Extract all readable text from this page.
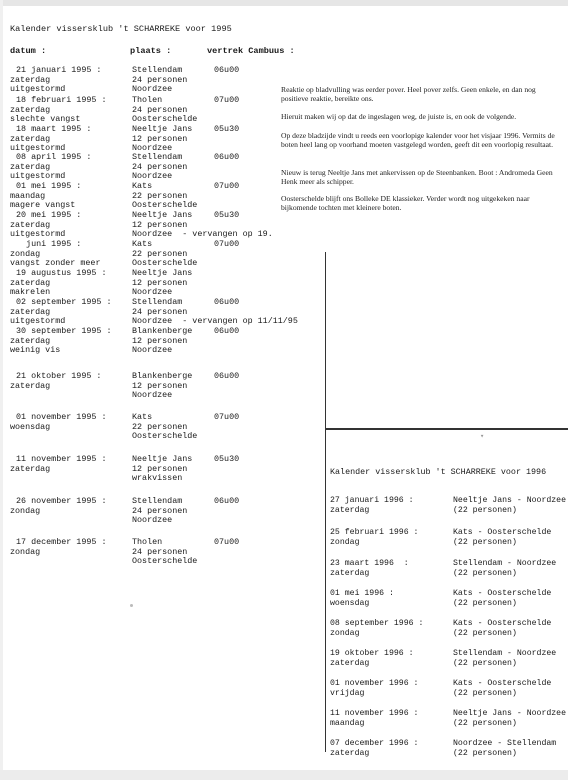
Kalender vissersklub 't SCHARREKE voor 1995
datum :	plaats :	vertrek Cambuus :
21 januari 1995 :
zaterdag
uitgestormd
Stellendam
24 personen
Noordzee
06u00
18 februari 1995 :
zaterdag
slechte vangst
Tholen
24 personen
Oosterschelde
07u00
18 maart 1995 :
zaterdag
uitgestormd
Neeltje Jans
12 personen
Noordzee
05u30
08 april 1995 :
zaterdag
uitgestormd
Stellendam
24 personen
Noordzee
06u00
01 mei 1995 :
maandag
magere vangst
Kats
22 personen
Oosterschelde
07u00
20 mei 1995 :
zaterdag
uitgestormd
Neeltje Jans
12 personen
Noordzee  - vervangen op 19.
05u30
juni 1995 :
zondag
vangst zonder meer
Kats
22 personen
Oosterschelde
07u00
19 augustus 1995 :
zaterdag
makrelen
Neeltje Jans
12 personen
Noordzee
02 september 1995 :
zaterdag
uitgestormd
Stellendam
24 personen
Noordzee  - vervangen op 11/11/95
06u00
30 september 1995 :
zaterdag
weinig vis
Blankenberge
12 personen
Noordzee
06u00
21 oktober 1995 :
zaterdag
Blankenberge
12 personen
Noordzee
06u00
01 november 1995 :
woensdag
Kats
22 personen
Oosterschelde
07u00
11 november 1995 :
zaterdag
Neeltje Jans
12 personen
wrakvissen
05u30
26 november 1995 :
zondag
Stellendam
24 personen
Noordzee
06u00
17 december 1995 :
zondag
Tholen
24 personen
Oosterschelde
07u00
Reaktie op bladvulling was eerder pover. Heel pover zelfs. Geen enkele, en dan nog positieve reaktie, bereikte ons.
Hieruit maken wij op dat de ingeslagen weg, de juiste is, en ook de volgende.
Op deze bladzijde vindt u reeds een voorlopige kalender voor het visjaar 1996. Vermits de boten heel lang op voorhand moeten vastgelegd worden, geeft dit een voorlopig resultaat.
Nieuw is terug Neeltje Jans met ankervissen op de Steenbanken. Boot : Andromeda Geen Henk meer als schipper.
Oosterschelde blijft ons Bolleke DE klassieker. Verder wordt nog uitgekeken naar bijkomende tochten met kleinere boten.
▾
Kalender vissersklub 't SCHARREKE voor 1996
27 januari 1996 :
zaterdag
Neeltje Jans - Noordzee
(22 personen)
25 februari 1996 :
zondag
Kats - Oosterschelde
(22 personen)
23 maart 1996  :
zaterdag
Stellendam - Noordzee
(22 personen)
01 mei 1996 :
woensdag
Kats - Oosterschelde
(22 personen)
08 september 1996 :
zondag
Kats - Oosterschelde
(22 personen)
19 oktober 1996 :
zaterdag
Stellendam - Noordzee
(22 personen)
01 november 1996 :
vrijdag
Kats - Oosterschelde
(22 personen)
11 november 1996 :
maandag
Neeltje Jans - Noordzee
(22 personen)
07 december 1996 :
zaterdag
Noordzee - Stellendam
(22 personen)
